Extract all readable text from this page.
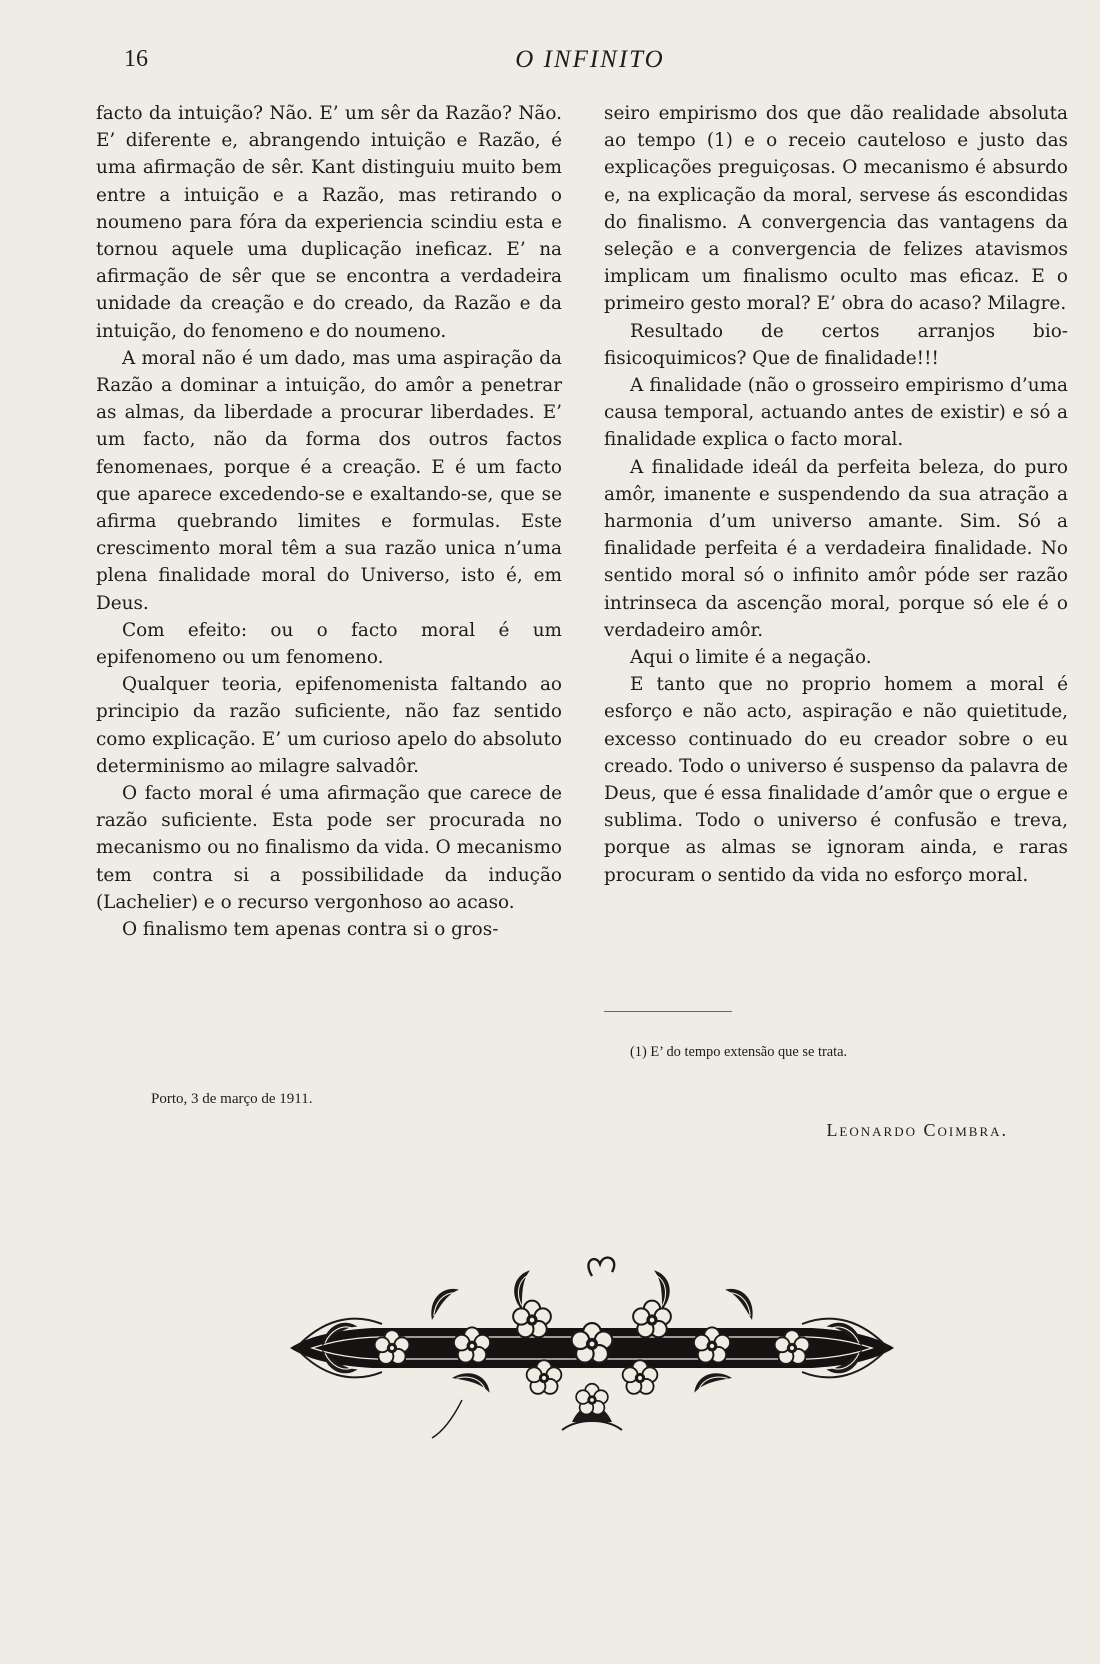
16	O INFINITO

facto da intuição? Não. E’ um sêr da Razão? Não. E’ diferente e, abrangendo intuição e Razão, é uma afirmação de sêr. Kant distinguiu muito bem entre a intuição e a Razão, mas retirando o noumeno para fóra da experiencia scindiu esta e tornou aquele uma duplicação ineficaz. E’ na afirmação de sêr que se encontra a verdadeira unidade da creação e do creado, da Razão e da intuição, do fenomeno e do noumeno.

A moral não é um dado, mas uma aspiração da Razão a dominar a intuição, do amôr a penetrar as almas, da liberdade a procurar liberdades. E’ um facto, não da forma dos outros factos fenomenaes, porque é a creação. E é um facto que aparece excedendo-se e exaltando-se, que se afirma quebrando limites e formulas. Este crescimento moral têm a sua razão unica n’uma plena finalidade moral do Universo, isto é, em Deus.

Com efeito: ou o facto moral é um epifenomeno ou um fenomeno.

Qualquer teoria, epifenomenista faltando ao principio da razão suficiente, não faz sentido como explicação. E’ um curioso apelo do absoluto determinismo ao milagre salvadôr.

O facto moral é uma afirmação que carece de razão suficiente. Esta pode ser procurada no mecanismo ou no finalismo da vida. O mecanismo tem contra si a possibilidade da indução (Lachelier) e o recurso vergonhoso ao acaso.

O finalismo tem apenas contra si o gros-

seiro empirismo dos que dão realidade absoluta ao tempo (1) e o receio cauteloso e justo das explicações preguiçosas. O mecanismo é absurdo e, na explicação da moral, servese ás escondidas do finalismo. A convergencia das vantagens da seleção e a convergencia de felizes atavismos implicam um finalismo oculto mas eficaz. E o primeiro gesto moral? E’ obra do acaso? Milagre.

Resultado de certos arranjos bio-fisicoquimicos? Que de finalidade!!!

A finalidade (não o grosseiro empirismo d’uma causa temporal, actuando antes de existir) e só a finalidade explica o facto moral.

A finalidade ideál da perfeita beleza, do puro amôr, imanente e suspendendo da sua atração a harmonia d’um universo amante. Sim. Só a finalidade perfeita é a verdadeira finalidade. No sentido moral só o infinito amôr póde ser razão intrinseca da ascenção moral, porque só ele é o verdadeiro amôr.

Aqui o limite é a negação.

E tanto que no proprio homem a moral é esforço e não acto, aspiração e não quietitude, excesso continuado do eu creador sobre o eu creado. Todo o universo é suspenso da palavra de Deus, que é essa finalidade d’amôr que o ergue e sublima. Todo o universo é confusão e treva, porque as almas se ignoram ainda, e raras procuram o sentido da vida no esforço moral.

(1) E’ do tempo extensão que se trata.
Porto, 3 de março de 1911.
Leonardo Coimbra.
